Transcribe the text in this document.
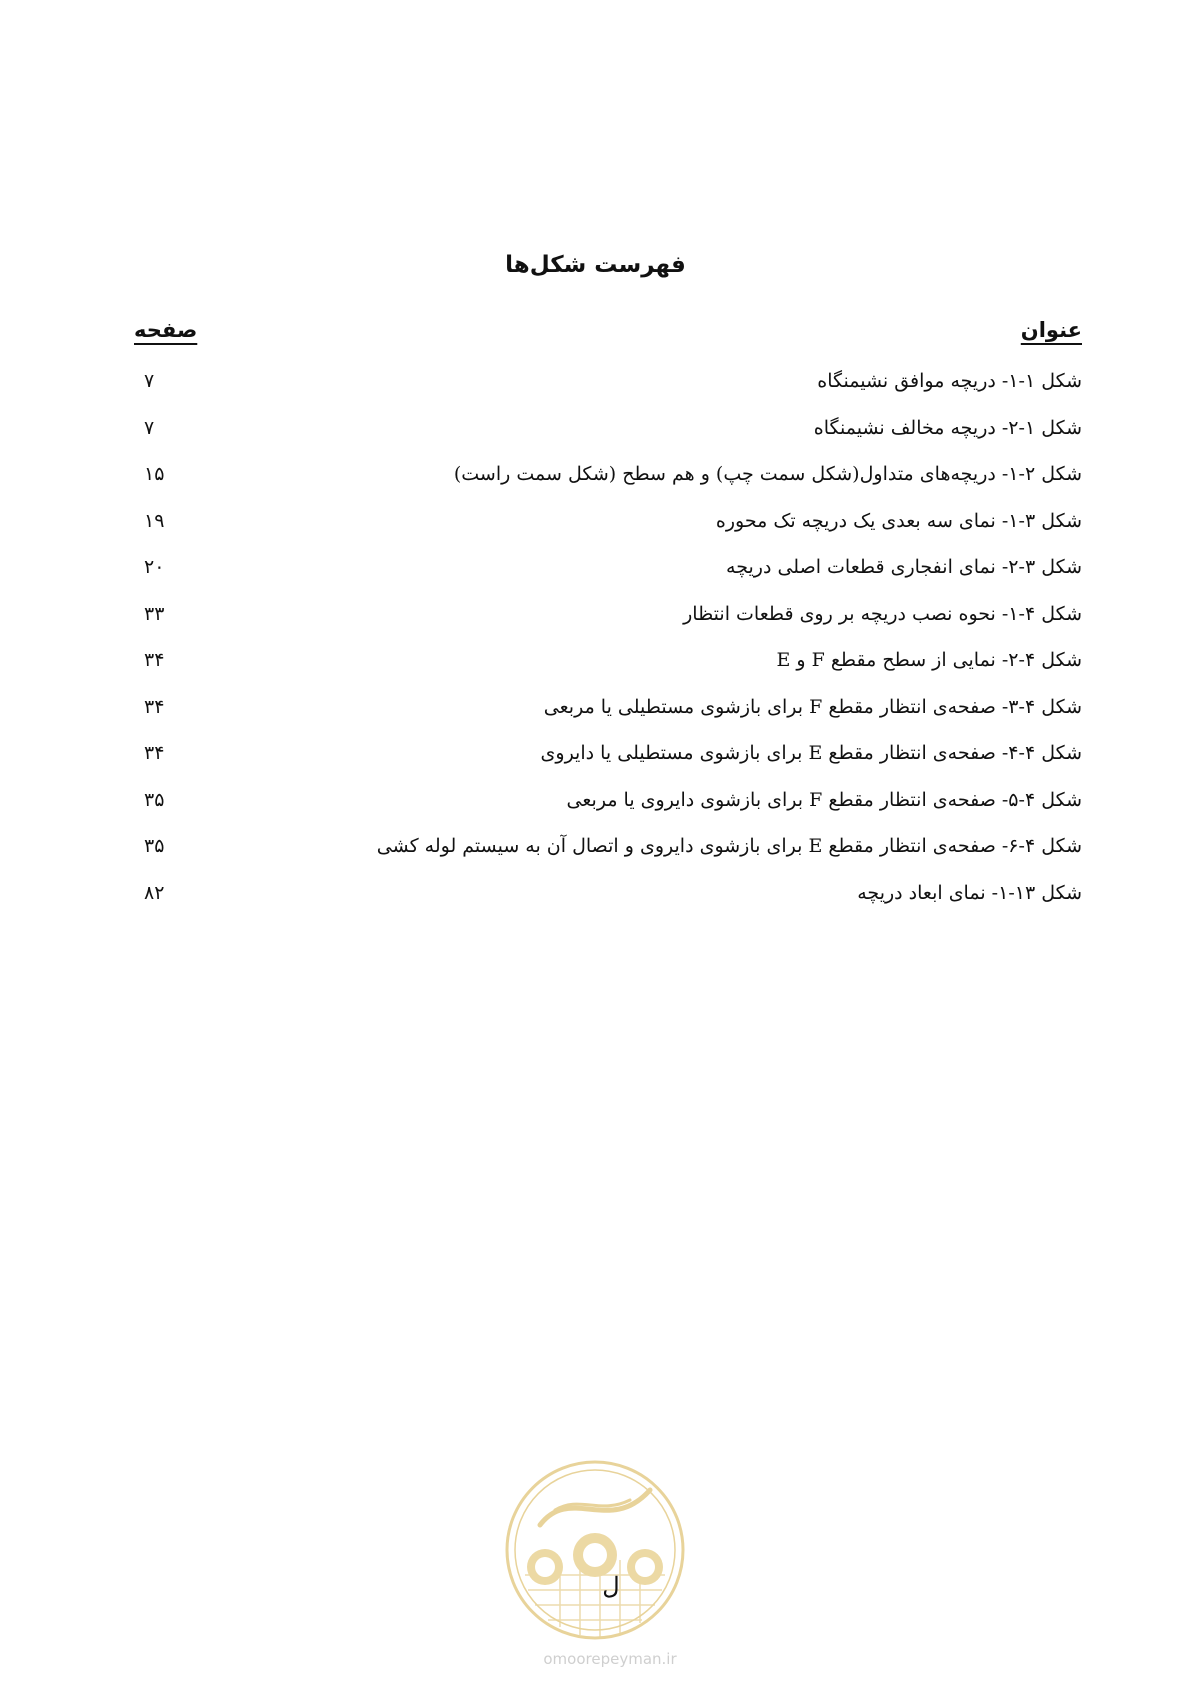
فهرست شکل‌ها
عنوان
صفحه
شکل ۱-۱- دریچه موافق نشیمنگاه
۷
شکل ۱-۲- دریچه مخالف نشیمنگاه
۷
شکل ۲-۱- دریچه‌های متداول(شکل سمت چپ) و هم سطح (شکل سمت راست)
۱۵
شکل ۳-۱- نمای سه بعدی یک دریچه تک محوره
۱۹
شکل ۳-۲- نمای انفجاری قطعات اصلی دریچه
۲۰
شکل ۴-۱- نحوه نصب دریچه بر روی قطعات انتظار
۳۳
شکل ۴-۲- نمایی از سطح مقطع F و E
۳۴
شکل ۴-۳- صفحه‌ی انتظار مقطع F برای بازشوی مستطیلی یا مربعی
۳۴
شکل ۴-۴- صفحه‌ی انتظار مقطع E برای بازشوی مستطیلی یا دایروی
۳۴
شکل ۴-۵- صفحه‌ی انتظار مقطع F برای بازشوی دایروی یا مربعی
۳۵
شکل ۴-۶- صفحه‌ی انتظار مقطع E برای بازشوی دایروی و اتصال آن به سیستم لوله کشی
۳۵
شکل ۱۳-۱- نمای ابعاد دریچه
۸۲
ل
omoorepeyman.ir
